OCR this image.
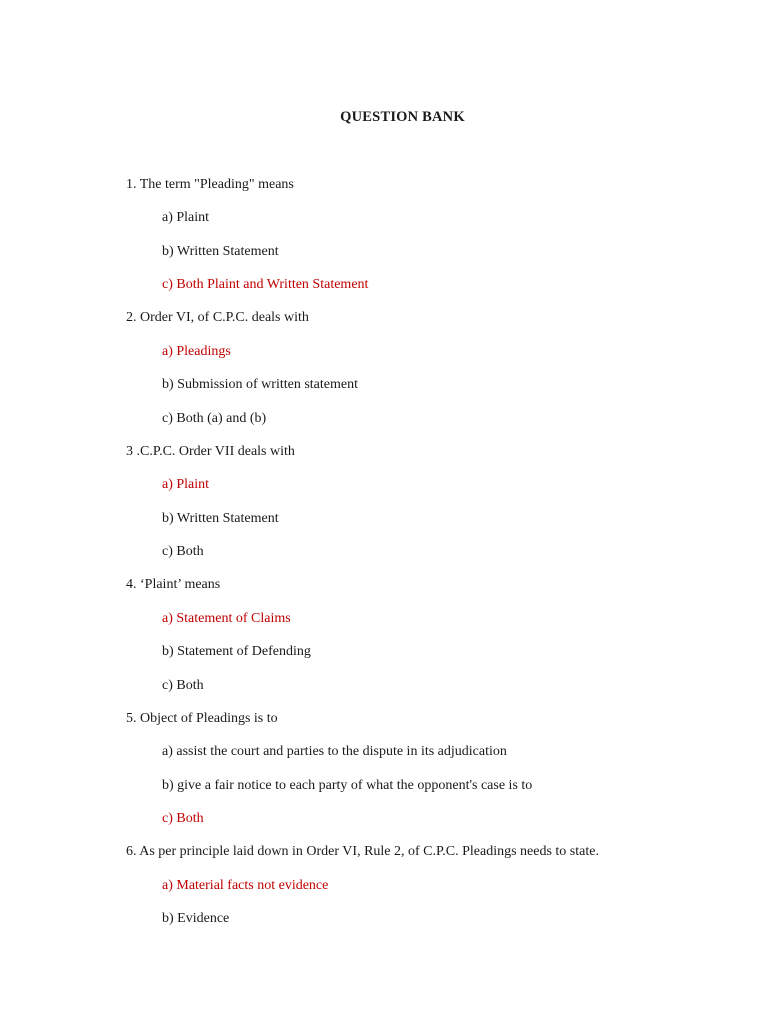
QUESTION BANK
1. The term "Pleading" means
a) Plaint
b) Written Statement
c) Both Plaint and Written Statement
2. Order VI, of C.P.C. deals with
a) Pleadings
b) Submission of written statement
c) Both (a) and (b)
3 .C.P.C. Order VII deals with
a) Plaint
b) Written Statement
c) Both
4. ‘Plaint’ means
a) Statement of Claims
b) Statement of Defending
c) Both
5. Object of Pleadings is to
a) assist the court and parties to the dispute in its adjudication
b) give a fair notice to each party of what the opponent's case is to
c) Both
6. As per principle laid down in Order VI, Rule 2, of C.P.C. Pleadings needs to state.
a) Material facts not evidence
b) Evidence
